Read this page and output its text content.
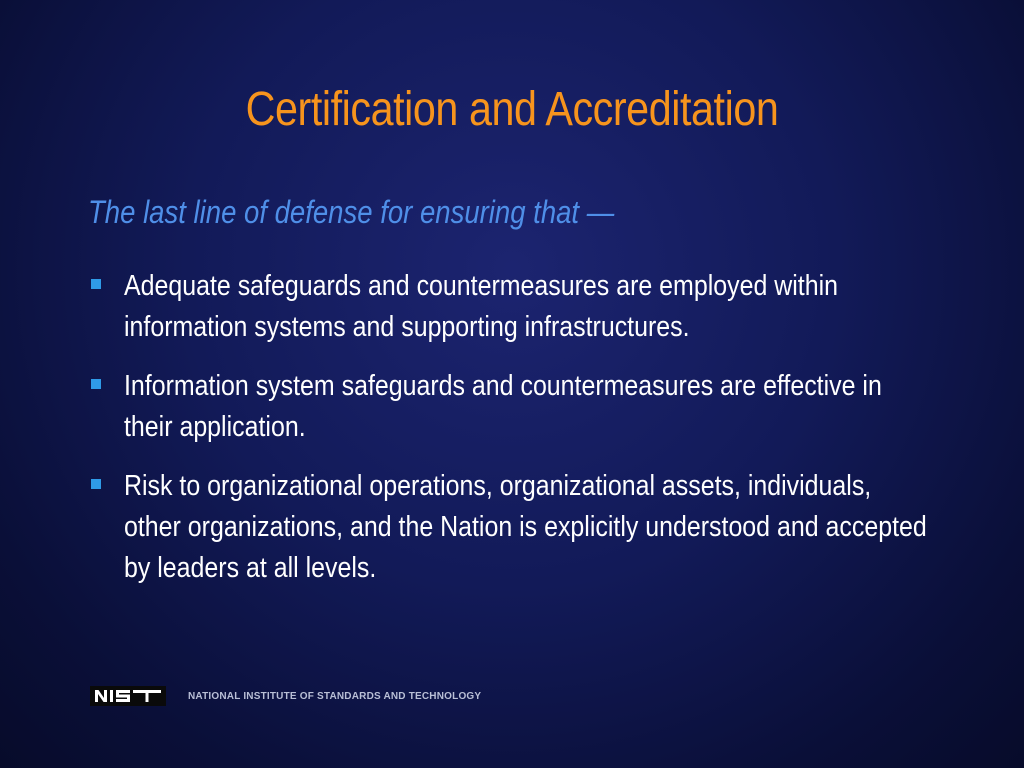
Certification and Accreditation

The last line of defense for ensuring that —

Adequate safeguards and countermeasures are employed within information systems and supporting infrastructures.
Information system safeguards and countermeasures are effective in their application.
Risk to organizational operations, organizational assets, individuals, other organizations, and the Nation is explicitly understood and accepted by leaders at all levels.
NATIONAL INSTITUTE OF STANDARDS AND TECHNOLOGY
